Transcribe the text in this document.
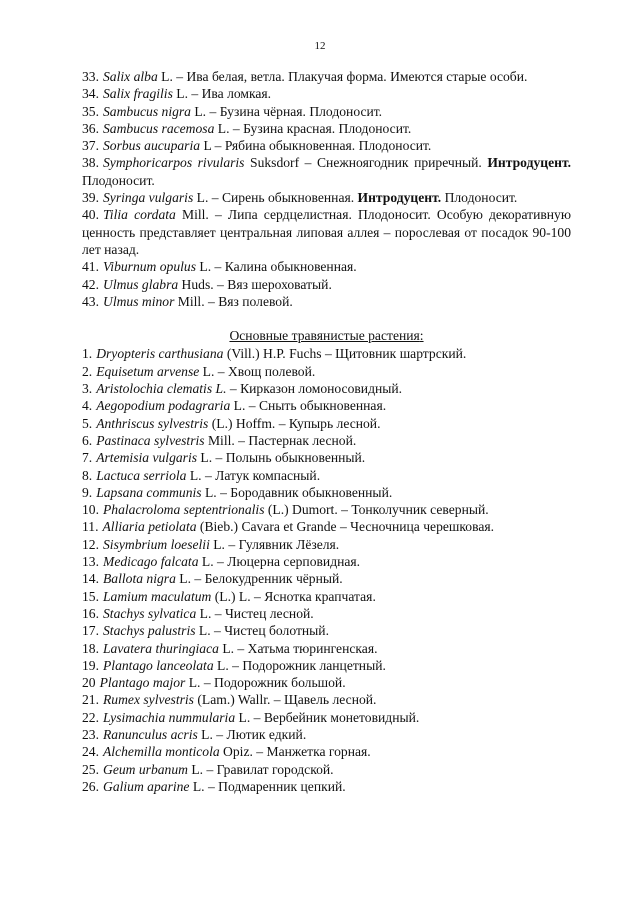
12

33. Salix alba L. – Ива белая, ветла. Плакучая форма. Имеются старые особи.

34. Salix fragilis L. – Ива ломкая.

35. Sambucus nigra L. – Бузина чёрная. Плодоносит.

36. Sambucus racemosa L. – Бузина красная. Плодоносит.

37. Sorbus aucuparia L – Рябина обыкновенная. Плодоносит.

38. Symphoricarpos rivularis Suksdorf – Снежноягодник приречный. Интродуцент. Плодоносит.

39. Syringa vulgaris L. – Сирень обыкновенная. Интродуцент. Плодоносит.

40. Tilia cordata Mill. – Липа сердцелистная. Плодоносит. Особую декоративную ценность представляет центральная липовая аллея – порослевая от посадок 90-100 лет назад.

41. Viburnum opulus L. – Калина обыкновенная.

42. Ulmus glabra Huds. – Вяз шероховатый.

43. Ulmus minor Mill. – Вяз полевой.

Основные травянистые растения:

1. Dryopteris carthusiana (Vill.) H.P. Fuchs – Щитовник шартрский.

2. Equisetum arvense L. – Хвощ полевой.

3. Aristolochia clematis L. – Кирказон ломоносовидный.

4. Aegopodium podagraria L. – Сныть обыкновенная.

5. Anthriscus sylvestris (L.) Hoffm. – Купырь лесной.

6. Pastinaca sylvestris Mill. – Пастернак лесной.

7. Artemisia vulgaris L. – Полынь обыкновенный.

8. Lactuca serriola L. – Латук компасный.

9. Lapsana communis L. – Бородавник обыкновенный.

10. Phalacroloma septentrionalis (L.) Dumort. – Тонколучник северный.

11. Alliaria petiolata (Bieb.) Cavara et Grande – Чесночница черешковая.

12. Sisymbrium loeselii L. – Гулявник Лёзеля.

13. Medicago falcata L. – Люцерна серповидная.

14. Ballota nigra L. – Белокудренник чёрный.

15. Lamium maculatum (L.) L. – Яснотка крапчатая.

16. Stachys sylvatica L. – Чистец лесной.

17. Stachys palustris L. – Чистец болотный.

18. Lavatera thuringiaca L. – Хатьма тюрингенская.

19. Plantago lanceolata L. – Подорожник ланцетный.

20 Plantago major L. – Подорожник большой.

21. Rumex sylvestris (Lam.) Wallr. – Щавель лесной.

22. Lysimachia nummularia L. – Вербейник монетовидный.

23. Ranunculus acris L. – Лютик едкий.

24. Alchemilla monticola Opiz. – Манжетка горная.

25. Geum urbanum L. – Гравилат городской.

26. Galium aparine L. – Подмаренник цепкий.
